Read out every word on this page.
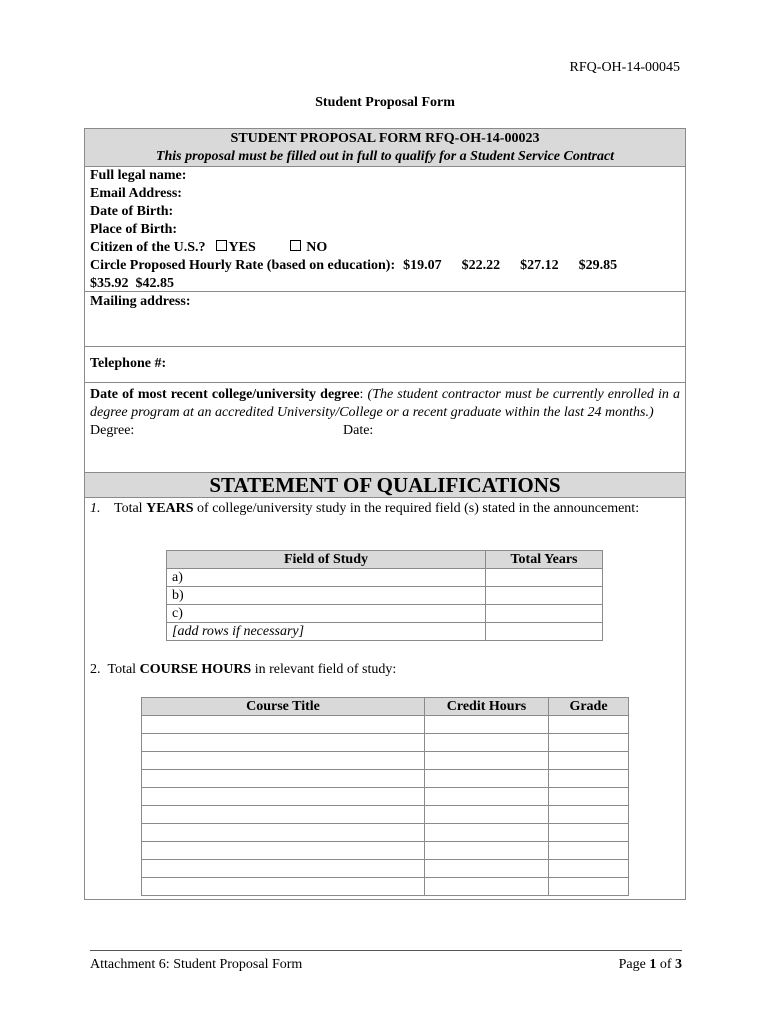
RFQ-OH-14-00045
Student Proposal Form
STUDENT PROPOSAL FORM RFQ-OH-14-00023
This proposal must be filled out in full to qualify for a Student Service Contract
Full legal name:
Email Address:
Date of Birth:
Place of Birth:
Citizen of the U.S.?	YES	NO
Circle Proposed Hourly Rate (based on education): $19.07 $22.22 $27.12 $29.85
$35.92 $42.85
Mailing address:
Telephone #:
Date of most recent college/university degree: (The student contractor must be currently enrolled in a degree program at an accredited University/College or a recent graduate within the last 24 months.)
Degree:	Date:
STATEMENT OF QUALIFICATIONS
1. Total YEARS of college/university study in the required field (s) stated in the announcement:
Field of Study	Total Years
a)	
b)	
c)	
[add rows if necessary]	
2. Total COURSE HOURS in relevant field of study:
Course Title	Credit Hours	Grade

Attachment 6: Student Proposal Form	Page 1 of 3
